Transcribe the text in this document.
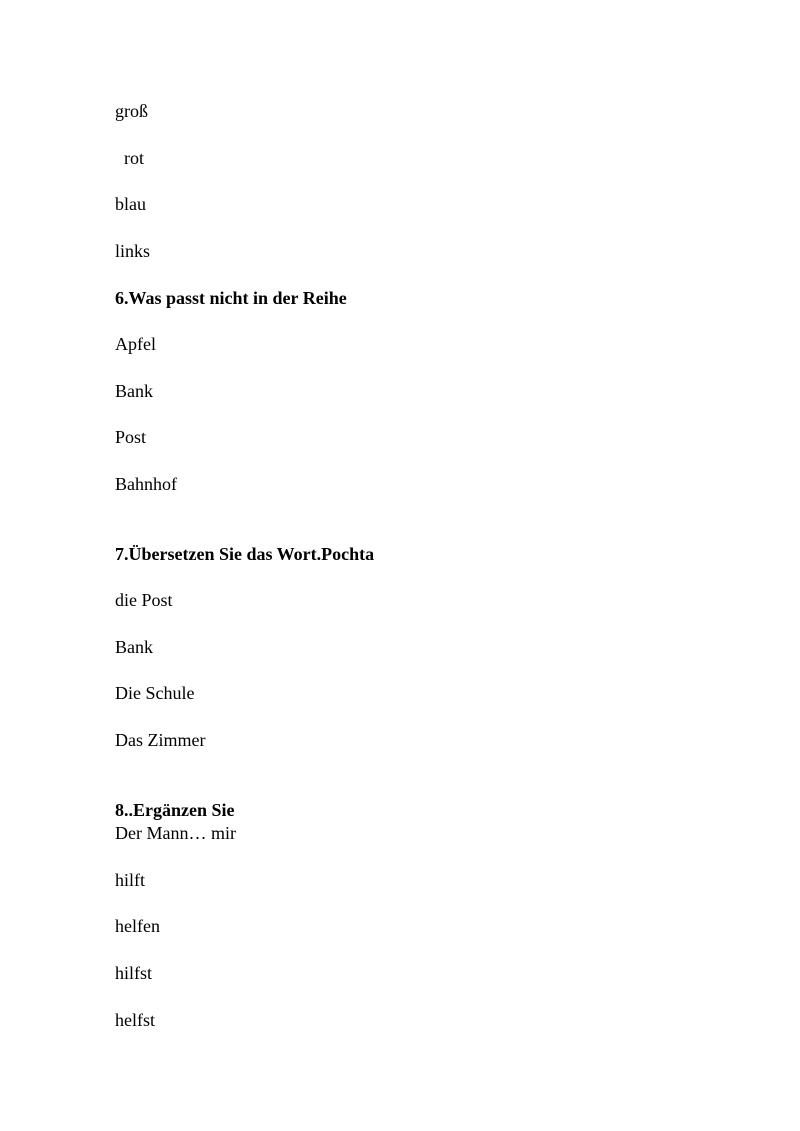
groß
rot
blau
links
6.Was passt nicht in der Reihe
Apfel
Bank
Post
Bahnhof
7.Übersetzen Sie das Wort.Pochta
die Post
Bank
Die Schule
Das Zimmer
8..Ergänzen Sie
Der Mann… mir
hilft
helfen
hilfst
helfst
